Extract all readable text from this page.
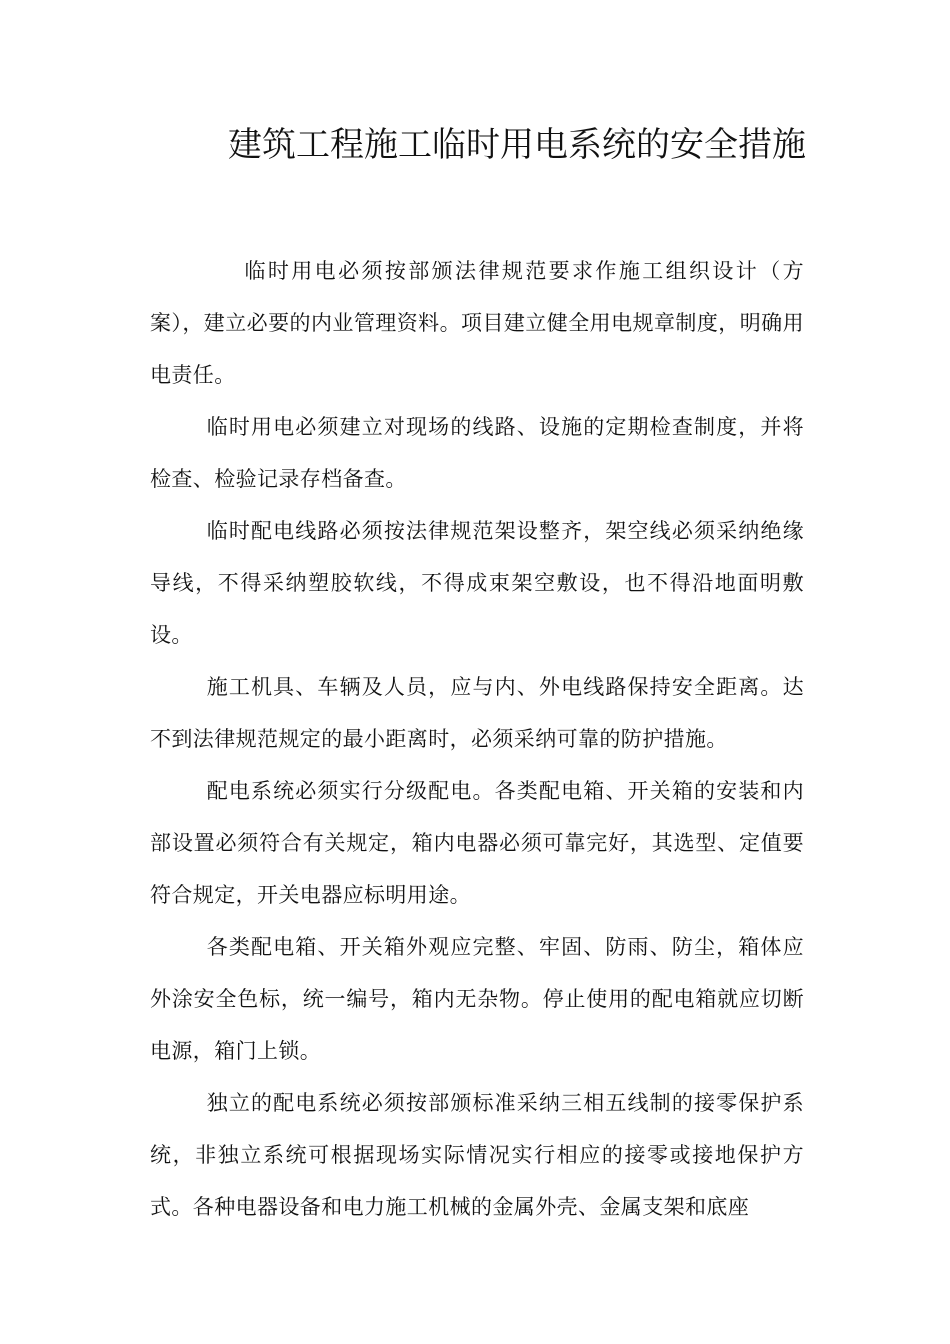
建筑工程施工临时用电系统的安全措施

临时用电必须按部颁法律规范要求作施工组织设计（方案），建立必要的内业管理资料。项目建立健全用电规章制度，明确用电责任。

临时用电必须建立对现场的线路、设施的定期检查制度，并将检查、检验记录存档备查。

临时配电线路必须按法律规范架设整齐，架空线必须采纳绝缘导线，不得采纳塑胶软线，不得成束架空敷设，也不得沿地面明敷设。

施工机具、车辆及人员，应与内、外电线路保持安全距离。达不到法律规范规定的最小距离时，必须采纳可靠的防护措施。

配电系统必须实行分级配电。各类配电箱、开关箱的安装和内部设置必须符合有关规定，箱内电器必须可靠完好，其选型、定值要符合规定，开关电器应标明用途。

各类配电箱、开关箱外观应完整、牢固、防雨、防尘，箱体应外涂安全色标，统一编号，箱内无杂物。停止使用的配电箱就应切断电源，箱门上锁。

独立的配电系统必须按部颁标准采纳三相五线制的接零保护系统，非独立系统可根据现场实际情况实行相应的接零或接地保护方式。各种电器设备和电力施工机械的金属外壳、金属支架和底座
